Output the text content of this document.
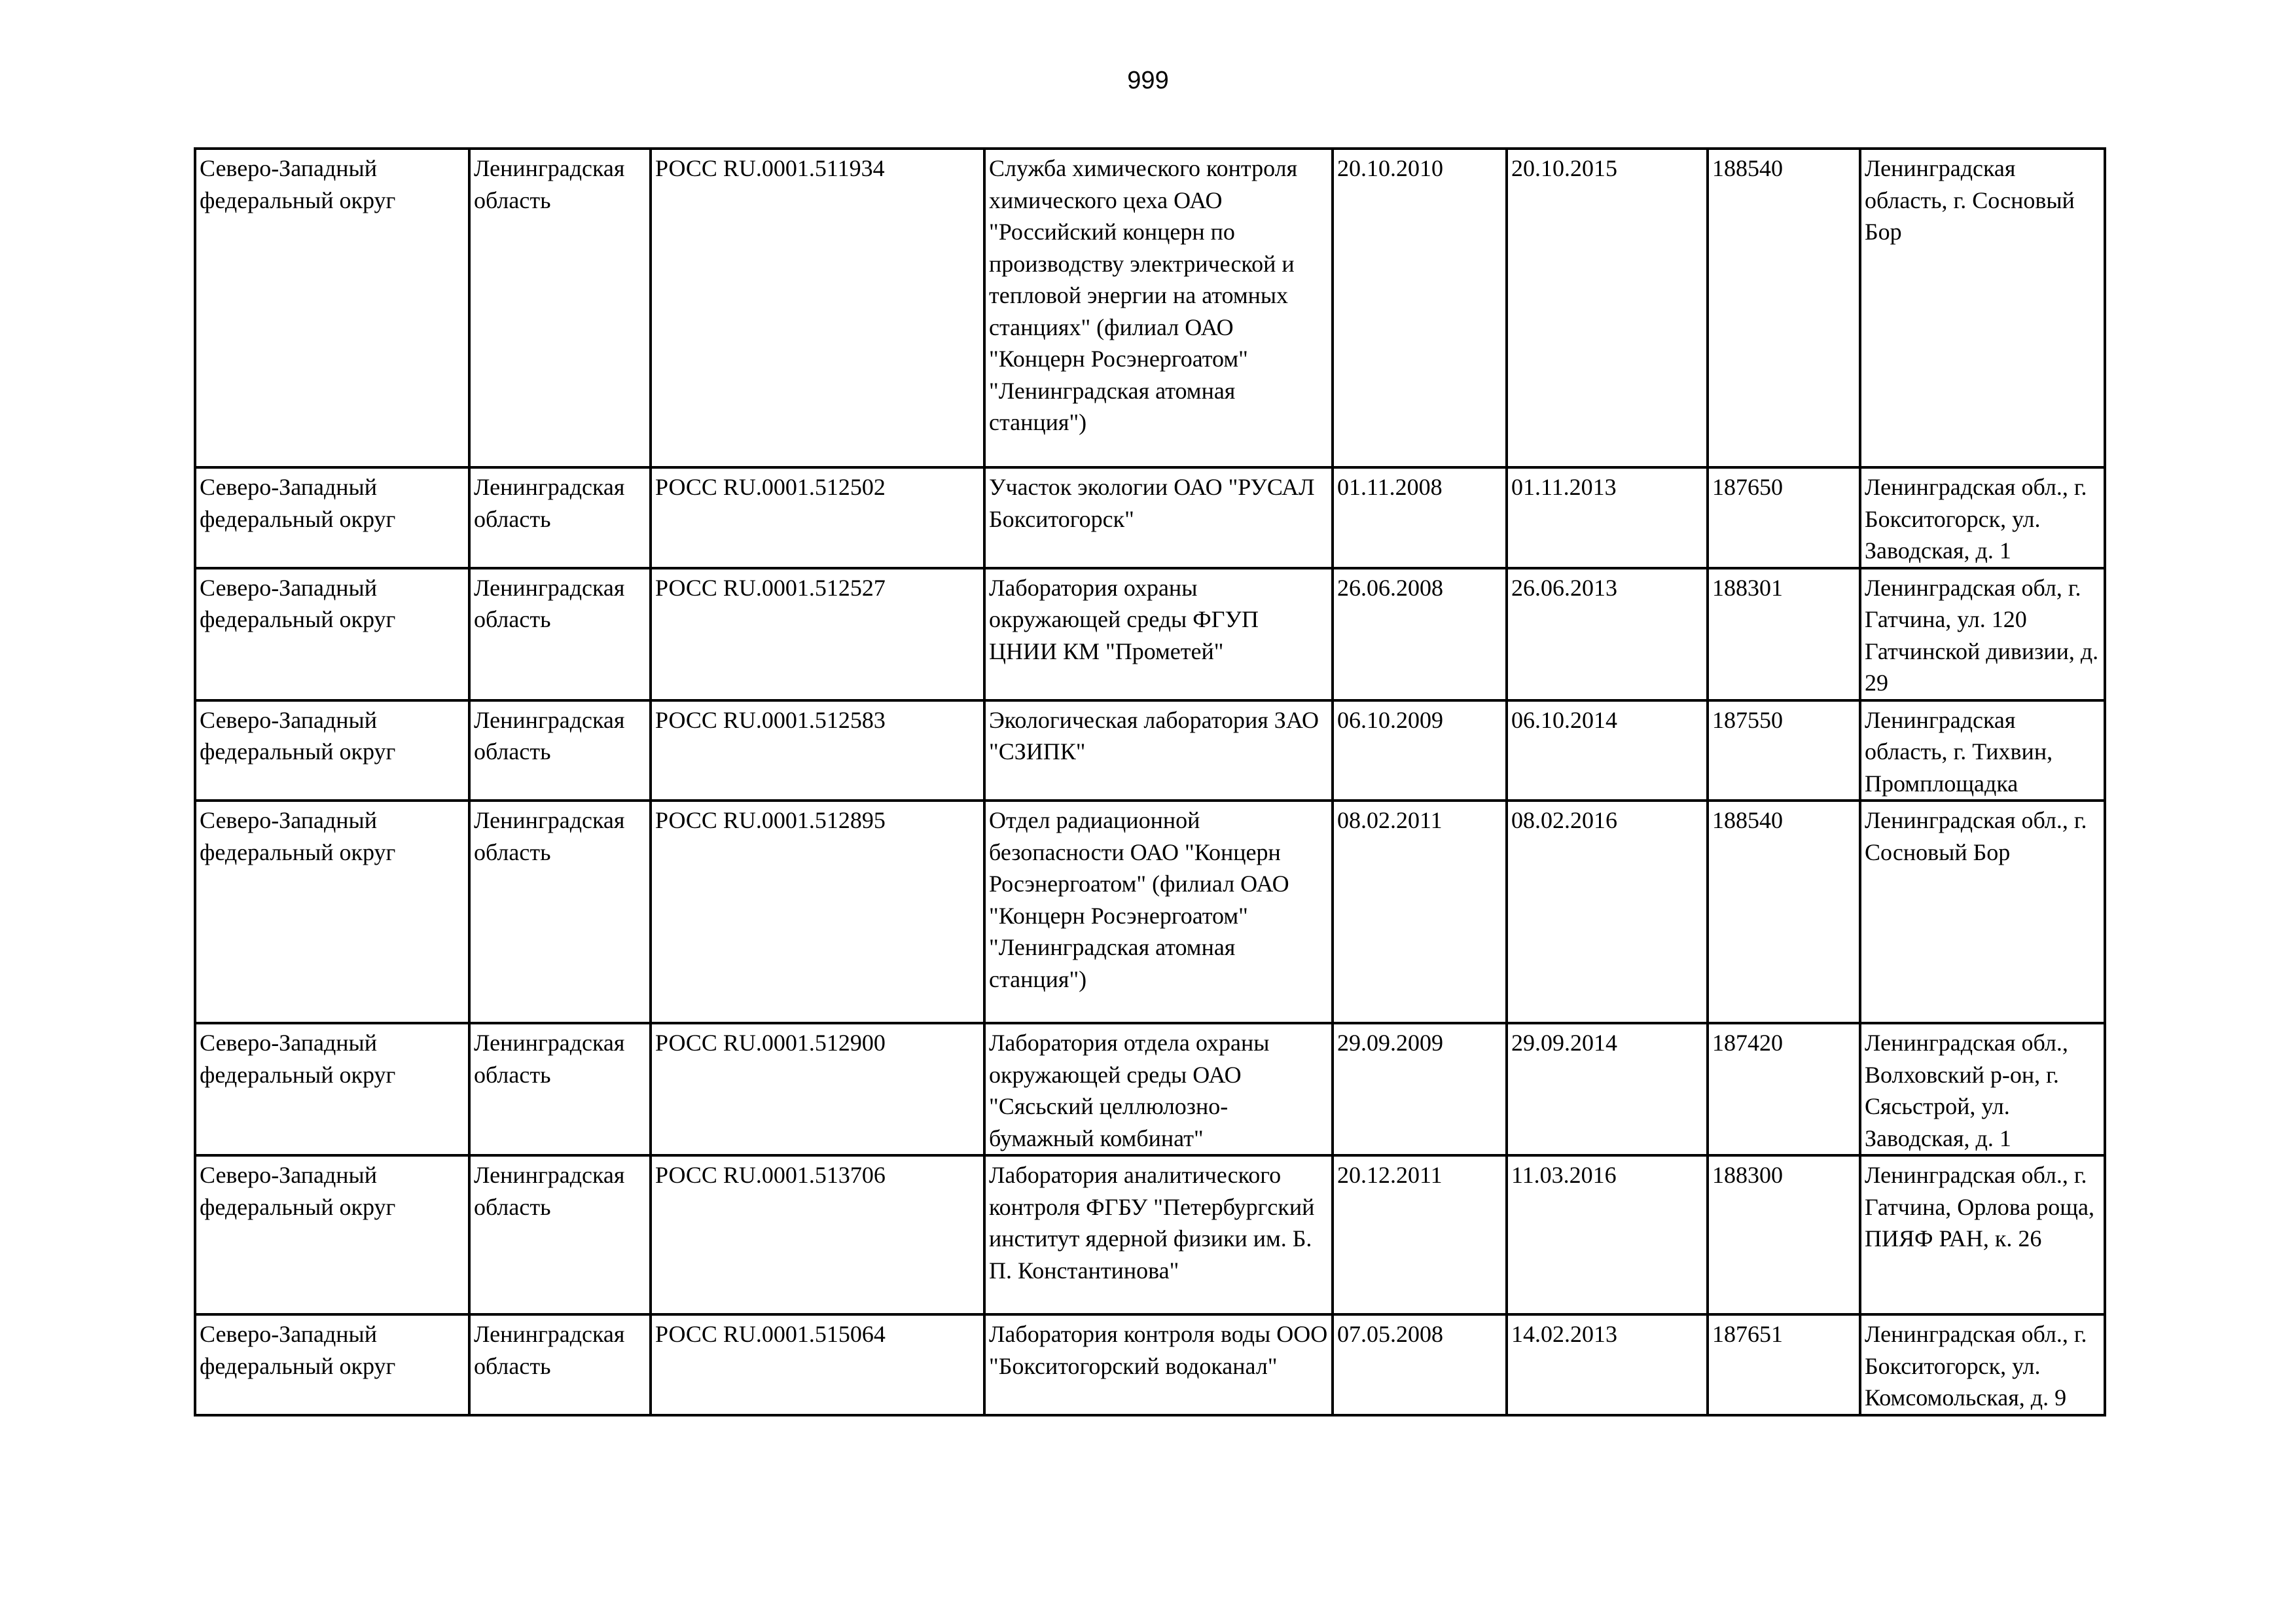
999
Северо-Западный федеральный округ	Ленинградская область	РОСС RU.0001.511934	Служба химического контроля химического цеха ОАО "Российский концерн по производству электрической и тепловой энергии на атомных станциях" (филиал ОАО "Концерн Росэнергоатом" "Ленинградская атомная станция")	20.10.2010	20.10.2015	188540	Ленинградская область, г. Сосновый Бор
Северо-Западный федеральный округ	Ленинградская область	РОСС RU.0001.512502	Участок экологии ОАО "РУСАЛ Бокситогорск"	01.11.2008	01.11.2013	187650	Ленинградская обл., г. Бокситогорск, ул. Заводская, д. 1
Северо-Западный федеральный округ	Ленинградская область	РОСС RU.0001.512527	Лаборатория охраны окружающей среды ФГУП ЦНИИ КМ "Прометей"	26.06.2008	26.06.2013	188301	Ленинградская обл, г. Гатчина, ул. 120 Гатчинской дивизии, д. 29
Северо-Западный федеральный округ	Ленинградская область	РОСС RU.0001.512583	Экологическая лаборатория ЗАО "СЗИПК"	06.10.2009	06.10.2014	187550	Ленинградская область, г. Тихвин, Промплощадка
Северо-Западный федеральный округ	Ленинградская область	РОСС RU.0001.512895	Отдел радиационной безопасности ОАО "Концерн Росэнергоатом" (филиал ОАО "Концерн Росэнергоатом" "Ленинградская атомная станция")	08.02.2011	08.02.2016	188540	Ленинградская обл., г. Сосновый Бор
Северо-Западный федеральный округ	Ленинградская область	РОСС RU.0001.512900	Лаборатория отдела охраны окружающей среды ОАО "Сясьский целлюлозно-бумажный комбинат"	29.09.2009	29.09.2014	187420	Ленинградская обл., Волховский р-он, г. Сясьстрой, ул. Заводская, д. 1
Северо-Западный федеральный округ	Ленинградская область	РОСС RU.0001.513706	Лаборатория аналитического контроля ФГБУ "Петербургский институт ядерной физики им. Б. П. Константинова"	20.12.2011	11.03.2016	188300	Ленинградская обл., г. Гатчина, Орлова роща, ПИЯФ РАН, к. 26
Северо-Западный федеральный округ	Ленинградская область	РОСС RU.0001.515064	Лаборатория контроля воды ООО "Бокситогорский водоканал"	07.05.2008	14.02.2013	187651	Ленинградская обл., г. Бокситогорск, ул. Комсомольская, д. 9
